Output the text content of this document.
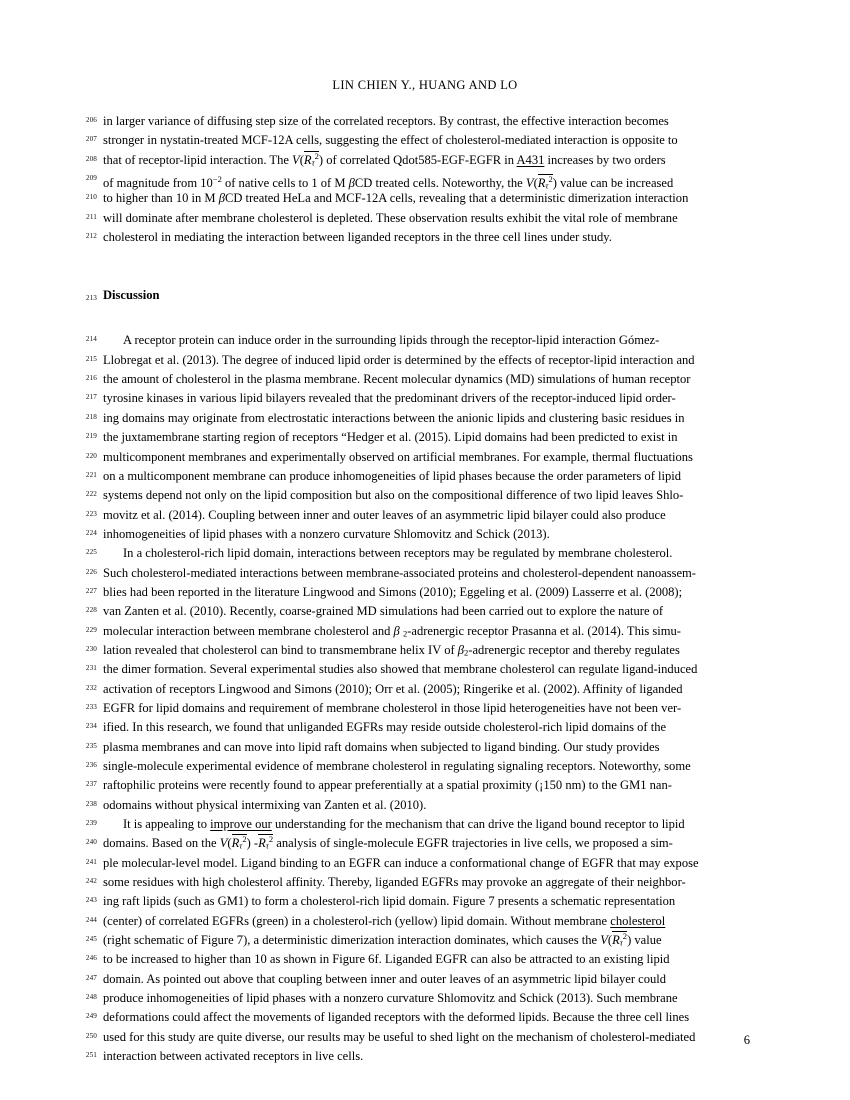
LIN CHIEN Y., HUANG AND LO
206 in larger variance of diffusing step size of the correlated receptors. By contrast, the effective interaction becomes
207 stronger in nystatin-treated MCF-12A cells, suggesting the effect of cholesterol-mediated interaction is opposite to
208 that of receptor-lipid interaction. The $V(R_\tau^2)$ of correlated Qdot585-EGF-EGFR in A431 increases by two orders
209 of magnitude from $10^{-2}$ of native cells to 1 of M βCD treated cells. Noteworthy, the $V(R_\tau^2)$ value can be increased
210 to higher than 10 in M βCD treated HeLa and MCF-12A cells, revealing that a deterministic dimerization interaction
211 will dominate after membrane cholesterol is depleted. These observation results exhibit the vital role of membrane
212 cholesterol in mediating the interaction between liganded receptors in the three cell lines under study.
213 Discussion
214	A receptor protein can induce order in the surrounding lipids through the receptor-lipid interaction Gómez-
215 Llobregat et al. (2013). The degree of induced lipid order is determined by the effects of receptor-lipid interaction and
216 the amount of cholesterol in the plasma membrane. Recent molecular dynamics (MD) simulations of human receptor
217 tyrosine kinases in various lipid bilayers revealed that the predominant drivers of the receptor-induced lipid order-
218 ing domains may originate from electrostatic interactions between the anionic lipids and clustering basic residues in
219 the juxtamembrane starting region of receptors “Hedger et al. (2015). Lipid domains had been predicted to exist in
220 multicomponent membranes and experimentally observed on artificial membranes. For example, thermal fluctuations
221 on a multicomponent membrane can produce inhomogeneities of lipid phases because the order parameters of lipid
222 systems depend not only on the lipid composition but also on the compositional difference of two lipid leaves Shlo-
223 movitz et al. (2014). Coupling between inner and outer leaves of an asymmetric lipid bilayer could also produce
224 inhomogeneities of lipid phases with a nonzero curvature Shlomovitz and Schick (2013).
225	In a cholesterol-rich lipid domain, interactions between receptors may be regulated by membrane cholesterol.
226 Such cholesterol-mediated interactions between membrane-associated proteins and cholesterol-dependent nanoassem-
227 blies had been reported in the literature Lingwood and Simons (2010); Eggeling et al. (2009) Lasserre et al. (2008);
228 van Zanten et al. (2010). Recently, coarse-grained MD simulations had been carried out to explore the nature of
229 molecular interaction between membrane cholesterol and β $_2$-adrenergic receptor Prasanna et al. (2014). This simu-
230 lation revealed that cholesterol can bind to transmembrane helix IV of $\beta_2$-adrenergic receptor and thereby regulates
231 the dimer formation. Several experimental studies also showed that membrane cholesterol can regulate ligand-induced
232 activation of receptors Lingwood and Simons (2010); Orr et al. (2005); Ringerike et al. (2002). Affinity of liganded
233 EGFR for lipid domains and requirement of membrane cholesterol in those lipid heterogeneities have not been ver-
234 ified. In this research, we found that unliganded EGFRs may reside outside cholesterol-rich lipid domains of the
235 plasma membranes and can move into lipid raft domains when subjected to ligand binding. Our study provides
236 single-molecule experimental evidence of membrane cholesterol in regulating signaling receptors. Noteworthy, some
237 raftophilic proteins were recently found to appear preferentially at a spatial proximity (¡150 nm) to the GM1 nan-
238 odomains without physical intermixing van Zanten et al. (2010).
239	It is appealing to improve our understanding for the mechanism that can drive the ligand bound receptor to lipid
240 domains. Based on the $V(R_\tau^2)$ $-R_\tau^2$ analysis of single-molecule EGFR trajectories in live cells, we proposed a sim-
241 ple molecular-level model. Ligand binding to an EGFR can induce a conformational change of EGFR that may expose
242 some residues with high cholesterol affinity. Thereby, liganded EGFRs may provoke an aggregate of their neighbor-
243 ing raft lipids (such as GM1) to form a cholesterol-rich lipid domain. Figure 7 presents a schematic representation
244 (center) of correlated EGFRs (green) in a cholesterol-rich (yellow) lipid domain. Without membrane cholesterol
245 (right schematic of Figure 7), a deterministic dimerization interaction dominates, which causes the $V(R_\tau^2)$ value
246 to be increased to higher than 10 as shown in Figure 6f. Liganded EGFR can also be attracted to an existing lipid
247 domain. As pointed out above that coupling between inner and outer leaves of an asymmetric lipid bilayer could
248 produce inhomogeneities of lipid phases with a nonzero curvature Shlomovitz and Schick (2013). Such membrane
249 deformations could affect the movements of liganded receptors with the deformed lipids. Because the three cell lines
250 used for this study are quite diverse, our results may be useful to shed light on the mechanism of cholesterol-mediated
251 interaction between activated receptors in live cells.
6
